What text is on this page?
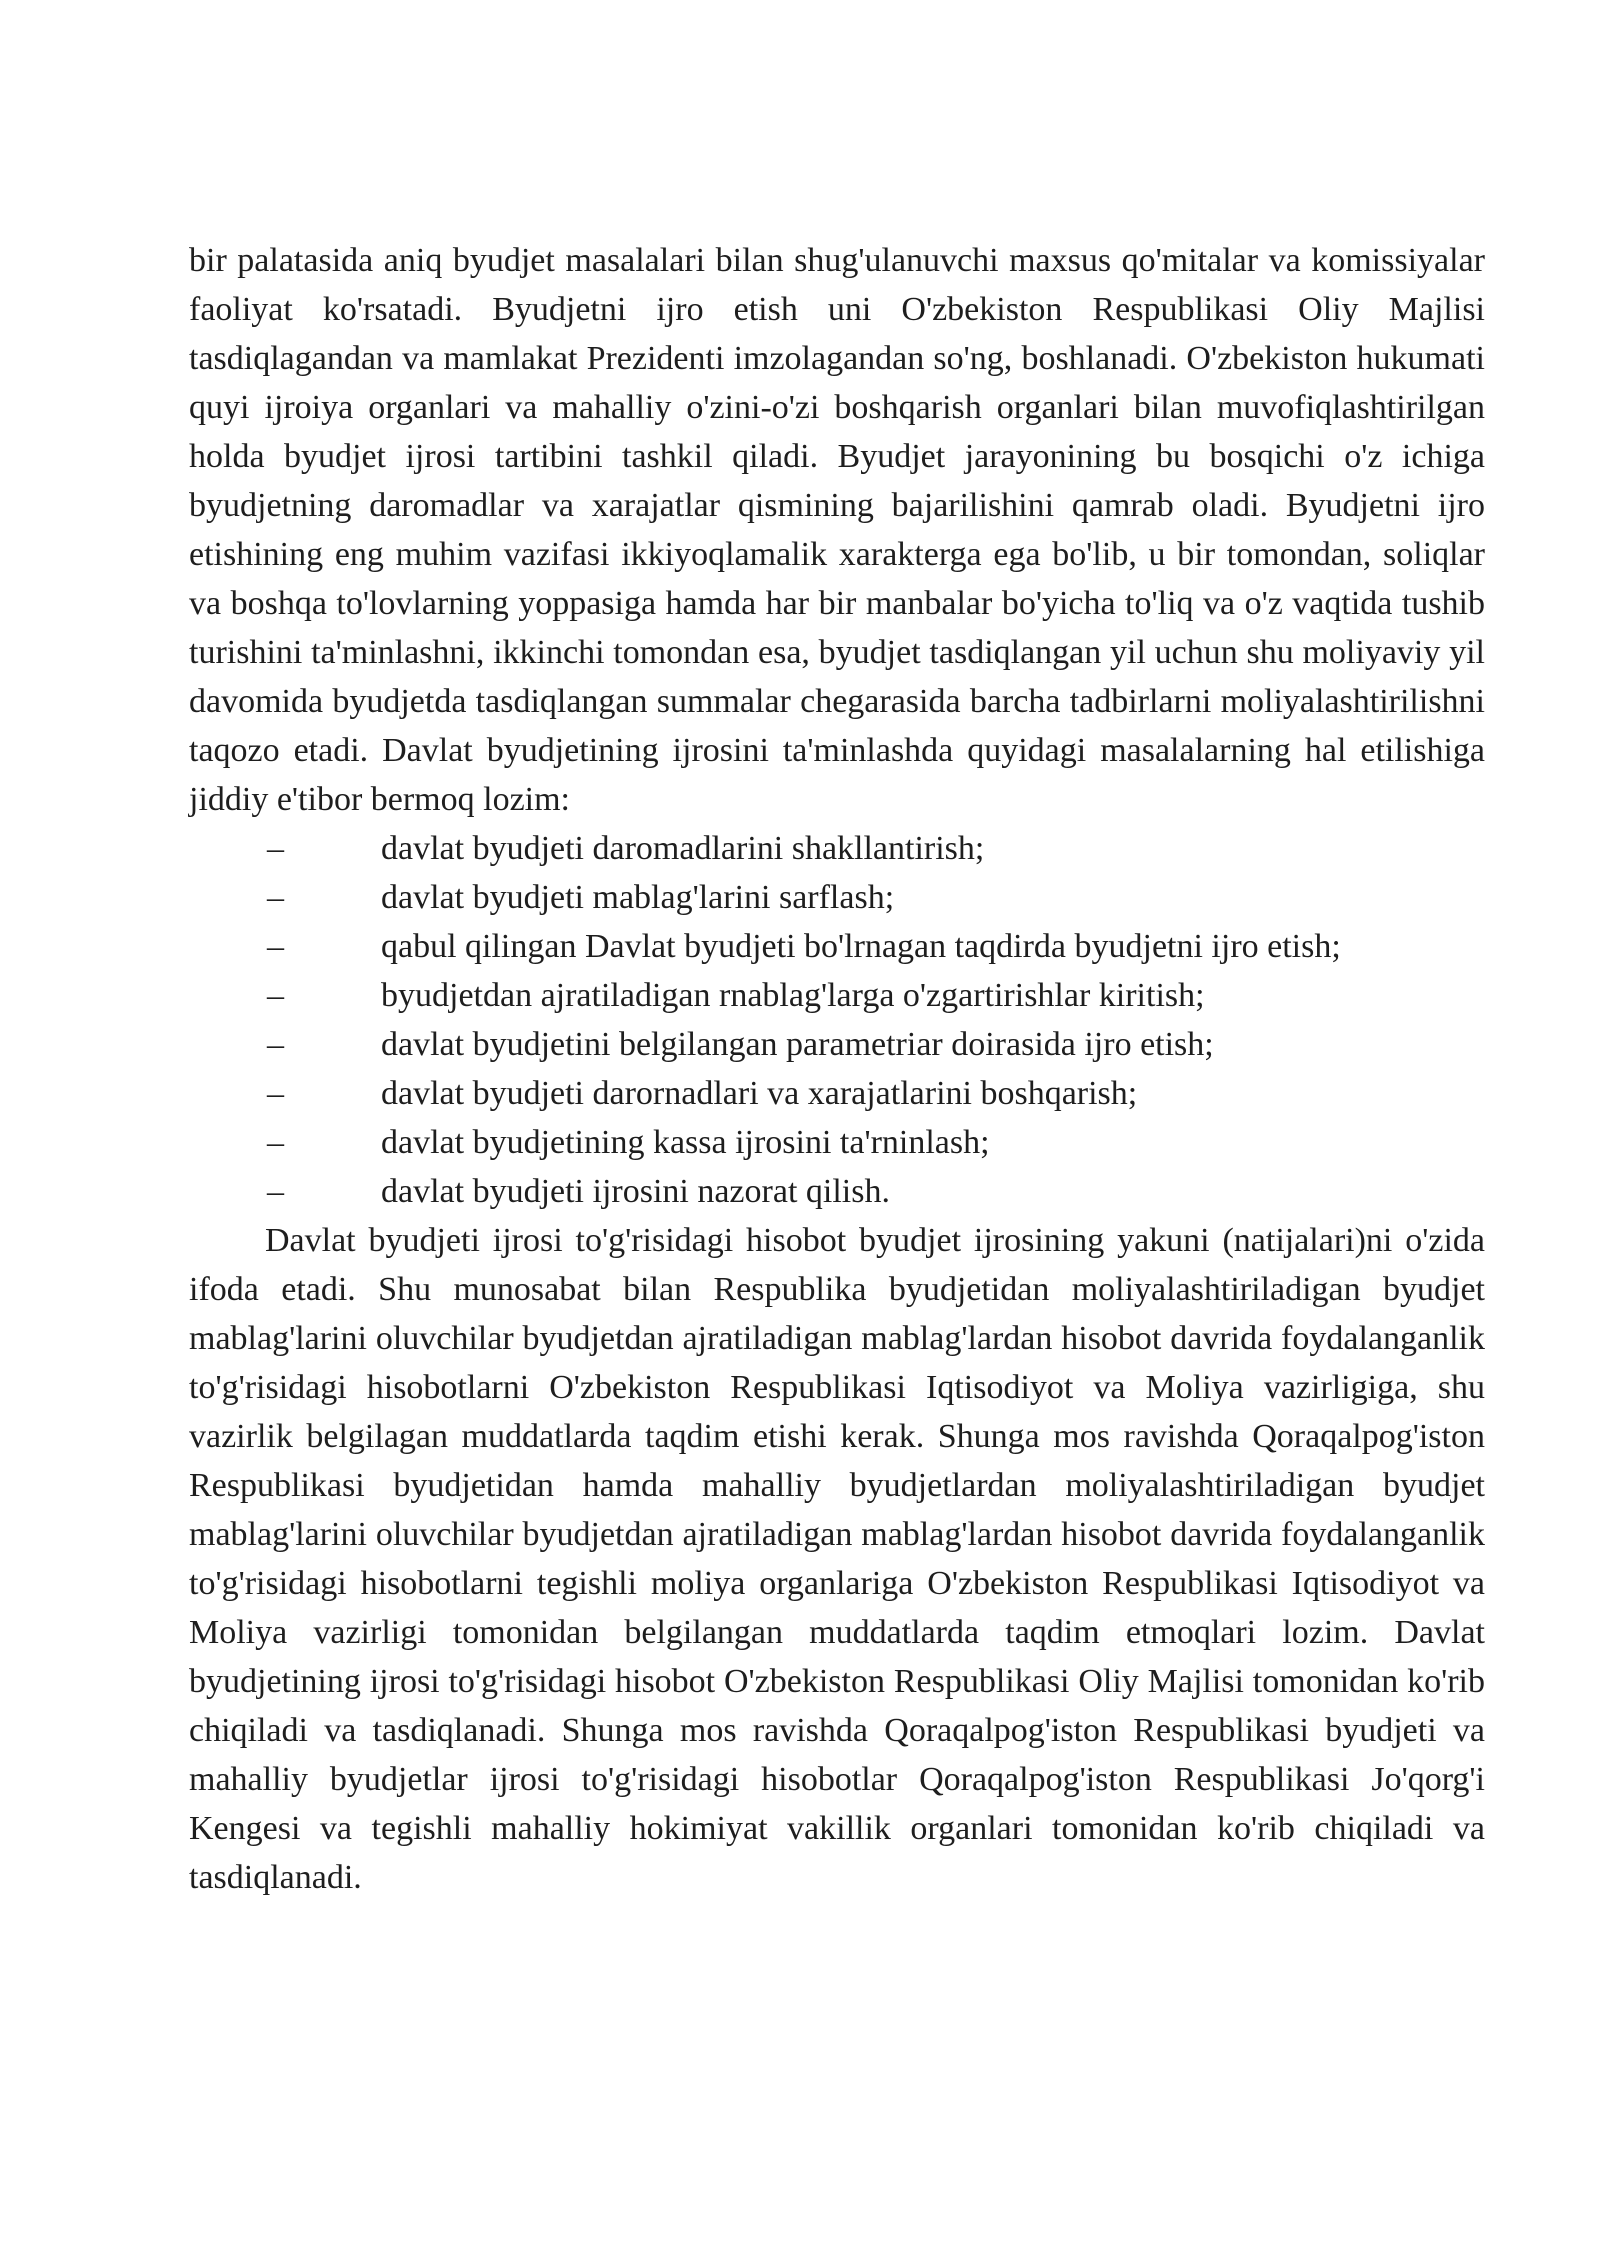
bir palatasida aniq byudjet masalalari bilan shug'ulanuvchi maxsus qo'mitalar va komissiyalar faoliyat ko'rsatadi. Byudjetni ijro etish uni O'zbekiston Respublikasi Oliy Majlisi tasdiqlagandan va mamlakat Prezidenti imzolagandan so'ng, boshlanadi. O'zbekiston hukumati quyi ijroiya organlari va mahalliy o'zini-o'zi boshqarish organlari bilan muvofiqlashtirilgan holda byudjet ijrosi tartibini tashkil qiladi. Byudjet jarayonining bu bosqichi o'z ichiga byudjetning daromadlar va xarajatlar qismining bajarilishini qamrab oladi. Byudjetni ijro etishining eng muhim vazifasi ikkiyoqlamalik xarakterga ega bo'lib, u bir tomondan, soliqlar va boshqa to'lovlarning yoppasiga hamda har bir manbalar bo'yicha to'liq va o'z vaqtida tushib turishini ta'minlashni, ikkinchi tomondan esa, byudjet tasdiqlangan yil uchun shu moliyaviy yil davomida byudjetda tasdiqlangan summalar chegarasida barcha tadbirlarni moliyalashtirilishni taqozo etadi. Davlat byudjetining ijrosini ta'minlashda quyidagi masalalarning hal etilishiga jiddiy e'tibor bermoq lozim:

–	davlat byudjeti daromadlarini shakllantirish;
–	davlat byudjeti mablag'larini sarflash;
–	qabul qilingan Davlat byudjeti bo'lrnagan taqdirda byudjetni ijro etish;
–	byudjetdan ajratiladigan rnablag'larga o'zgartirishlar kiritish;
–	davlat byudjetini belgilangan parametriar doirasida ijro etish;
–	davlat byudjeti darornadlari va xarajatlarini boshqarish;
–	davlat byudjetining kassa ijrosini ta'rninlash;
–	davlat byudjeti ijrosini nazorat qilish.

Davlat byudjeti ijrosi to'g'risidagi hisobot byudjet ijrosining yakuni (natijalari)ni o'zida ifoda etadi. Shu munosabat bilan Respublika byudjetidan moliyalashtiriladigan byudjet mablag'larini oluvchilar byudjetdan ajratiladigan mablag'lardan hisobot davrida foydalanganlik to'g'risidagi hisobotlarni O'zbekiston Respublikasi Iqtisodiyot va Moliya vazirligiga, shu vazirlik belgilagan muddatlarda taqdim etishi kerak. Shunga mos ravishda Qoraqalpog'iston Respublikasi byudjetidan hamda mahalliy byudjetlardan moliyalashtiriladigan byudjet mablag'larini oluvchilar byudjetdan ajratiladigan mablag'lardan hisobot davrida foydalanganlik to'g'risidagi hisobotlarni tegishli moliya organlariga O'zbekiston Respublikasi Iqtisodiyot va Moliya vazirligi tomonidan belgilangan muddatlarda taqdim etmoqlari lozim. Davlat byudjetining ijrosi to'g'risidagi hisobot O'zbekiston Respublikasi Oliy Majlisi tomonidan ko'rib chiqiladi va tasdiqlanadi. Shunga mos ravishda Qoraqalpog'iston Respublikasi byudjeti va mahalliy byudjetlar ijrosi to'g'risidagi hisobotlar Qoraqalpog'iston Respublikasi Jo'qorg'i Kengesi va tegishli mahalliy hokimiyat vakillik organlari tomonidan ko'rib chiqiladi va tasdiqlanadi.
